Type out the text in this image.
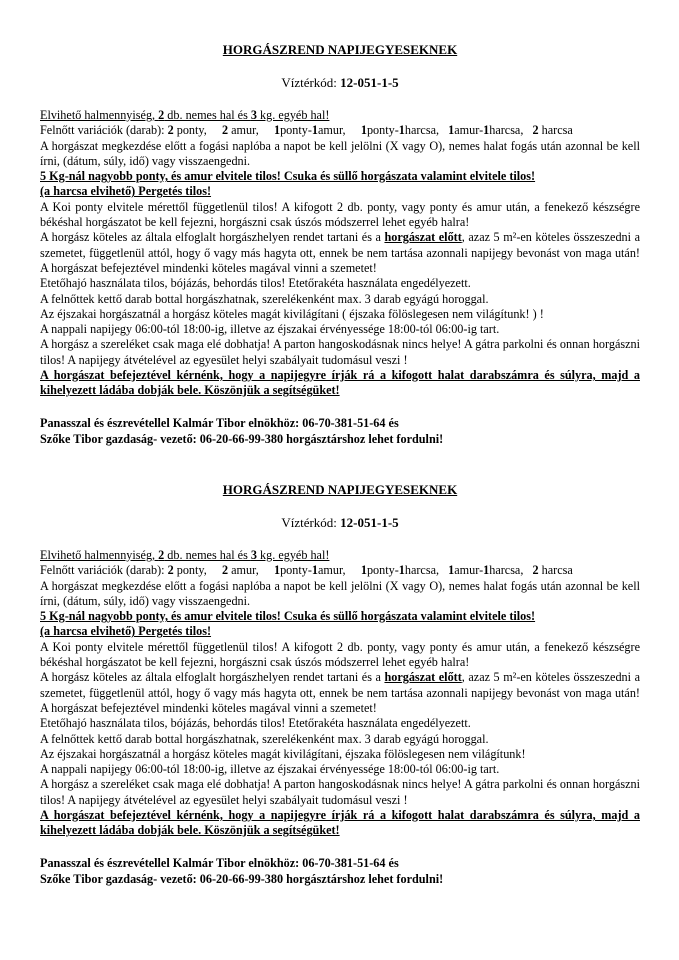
HORGÁSZREND NAPIJEGYESEKNEK
Víztérkód: 12-051-1-5

Elvihető halmennyiség, 2 db. nemes hal és 3 kg. egyéb hal!

Felnőtt variációk (darab): 2 ponty,     2 amur,     1ponty-1amur,     1ponty-1harcsa,   1amur-1harcsa,   2 harcsa

A horgászat megkezdése előtt a fogási naplóba a napot be kell jelölni (X vagy O), nemes halat fogás után azonnal be kell írni, (dátum, súly, idő) vagy visszaengedni.

5 Kg-nál nagyobb ponty, és amur elvitele tilos! Csuka és süllő horgászata valamint elvitele tilos!

(a harcsa elvihető) Pergetés tilos!

A Koi ponty elvitele mérettől függetlenül tilos! A kifogott 2 db. ponty, vagy ponty és amur után, a fenekező készségre békéshal horgászatot be kell fejezni, horgászni csak úszós módszerrel lehet egyéb halra!

A horgász köteles az általa elfoglalt horgászhelyen rendet tartani és a horgászat előtt, azaz 5 m²-en köteles összeszedni a szemetet, függetlenül attól, hogy ő vagy más hagyta ott, ennek be nem tartása azonnali napijegy bevonást von maga után! A horgászat befejeztével mindenki köteles magával vinni a szemetet!

Etetőhajó használata tilos, bójázás, behordás tilos! Etetőrakéta használata engedélyezett.

A felnőttek kettő darab bottal horgászhatnak, szerelékenként max. 3 darab egyágú horoggal.

Az éjszakai horgászatnál a horgász köteles magát kivilágítani ( éjszaka fölöslegesen nem világítunk! ) !

A nappali napijegy 06:00-tól 18:00-ig, illetve az éjszakai érvényessége 18:00-tól 06:00-ig tart.

A horgász a szereléket csak maga elé dobhatja! A parton hangoskodásnak nincs helye! A gátra parkolni és onnan horgászni tilos! A napijegy átvételével az egyesület helyi szabályait tudomásul veszi !

A horgászat befejeztével kérnénk, hogy a napijegyre írják rá a kifogott halat darabszámra és súlyra, majd a kihelyezett ládába dobják bele. Köszönjük a segítségüket!

Panasszal és észrevétellel Kalmár Tibor elnökhöz: 06-70-381-51-64 és

Szőke Tibor gazdaság- vezető: 06-20-66-99-380 horgásztárshoz lehet fordulni!

HORGÁSZREND NAPIJEGYESEKNEK
Víztérkód: 12-051-1-5

Elvihető halmennyiség, 2 db. nemes hal és 3 kg. egyéb hal!

Felnőtt variációk (darab): 2 ponty,     2 amur,     1ponty-1amur,     1ponty-1harcsa,   1amur-1harcsa,   2 harcsa

A horgászat megkezdése előtt a fogási naplóba a napot be kell jelölni (X vagy O), nemes halat fogás után azonnal be kell írni, (dátum, súly, idő) vagy visszaengedni.

5 Kg-nál nagyobb ponty, és amur elvitele tilos! Csuka és süllő horgászata valamint elvitele tilos!

(a harcsa elvihető) Pergetés tilos!

A Koi ponty elvitele mérettől függetlenül tilos! A kifogott 2 db. ponty, vagy ponty és amur után, a fenekező készségre békéshal horgászatot be kell fejezni, horgászni csak úszós módszerrel lehet egyéb halra!

A horgász köteles az általa elfoglalt horgászhelyen rendet tartani és a horgászat előtt, azaz 5 m²-en köteles összeszedni a szemetet, függetlenül attól, hogy ő vagy más hagyta ott, ennek be nem tartása azonnali napijegy bevonást von maga után! A horgászat befejeztével mindenki köteles magával vinni a szemetet!

Etetőhajó használata tilos, bójázás, behordás tilos! Etetőrakéta használata engedélyezett.

A felnőttek kettő darab bottal horgászhatnak, szerelékenként max. 3 darab egyágú horoggal.

Az éjszakai horgászatnál a horgász köteles magát kivilágítani, éjszaka fölöslegesen nem világítunk!

A nappali napijegy 06:00-tól 18:00-ig, illetve az éjszakai érvényessége 18:00-tól 06:00-ig tart.

A horgász a szereléket csak maga elé dobhatja! A parton hangoskodásnak nincs helye! A gátra parkolni és onnan horgászni tilos! A napijegy átvételével az egyesület helyi szabályait tudomásul veszi !

A horgászat befejeztével kérnénk, hogy a napijegyre írják rá a kifogott halat darabszámra és súlyra, majd a kihelyezett ládába dobják bele. Köszönjük a segítségüket!

Panasszal és észrevétellel Kalmár Tibor elnökhöz: 06-70-381-51-64 és

Szőke Tibor gazdaság- vezető: 06-20-66-99-380 horgásztárshoz lehet fordulni!
